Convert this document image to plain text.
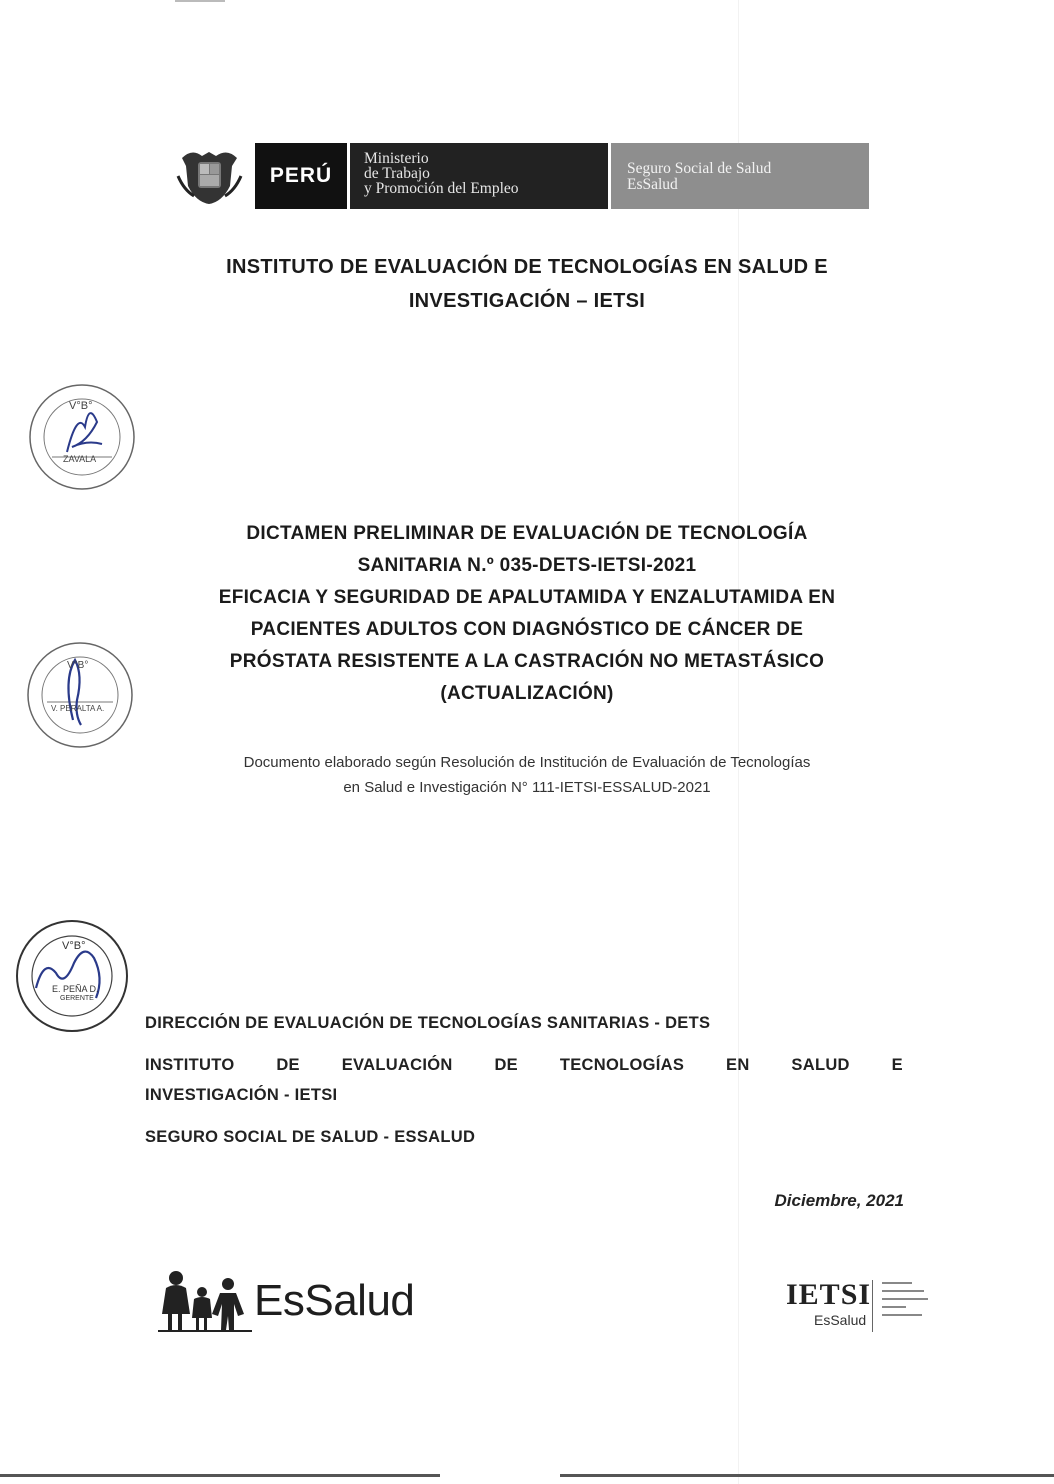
PERÚ
Ministerio
de Trabajo
y Promoción del Empleo
Seguro Social de Salud
EsSalud
INSTITUTO DE EVALUACIÓN DE TECNOLOGÍAS EN SALUD E
INVESTIGACIÓN – IETSI
V°B°
ZAVALA
DICTAMEN PRELIMINAR DE EVALUACIÓN DE TECNOLOGÍA
SANITARIA N.º 035-DETS-IETSI-2021
EFICACIA Y SEGURIDAD DE APALUTAMIDA Y ENZALUTAMIDA EN
PACIENTES ADULTOS CON DIAGNÓSTICO DE CÁNCER DE
PRÓSTATA RESISTENTE A LA CASTRACIÓN NO METASTÁSICO
(ACTUALIZACIÓN)
V°B°
V. PERALTA A.
Documento elaborado según Resolución de Institución de Evaluación de Tecnologías
en Salud e Investigación N° 111-IETSI-ESSALUD-2021
V°B°
E. PEÑA D.
GERENTE
DIRECCIÓN DE EVALUACIÓN DE TECNOLOGÍAS SANITARIAS - DETS
INSTITUTO	DE	EVALUACIÓN	DE	TECNOLOGÍAS	EN	SALUD	E
INVESTIGACIÓN - IETSI
SEGURO SOCIAL DE SALUD - ESSALUD
Diciembre, 2021
EsSalud	IETSI
EsSalud
